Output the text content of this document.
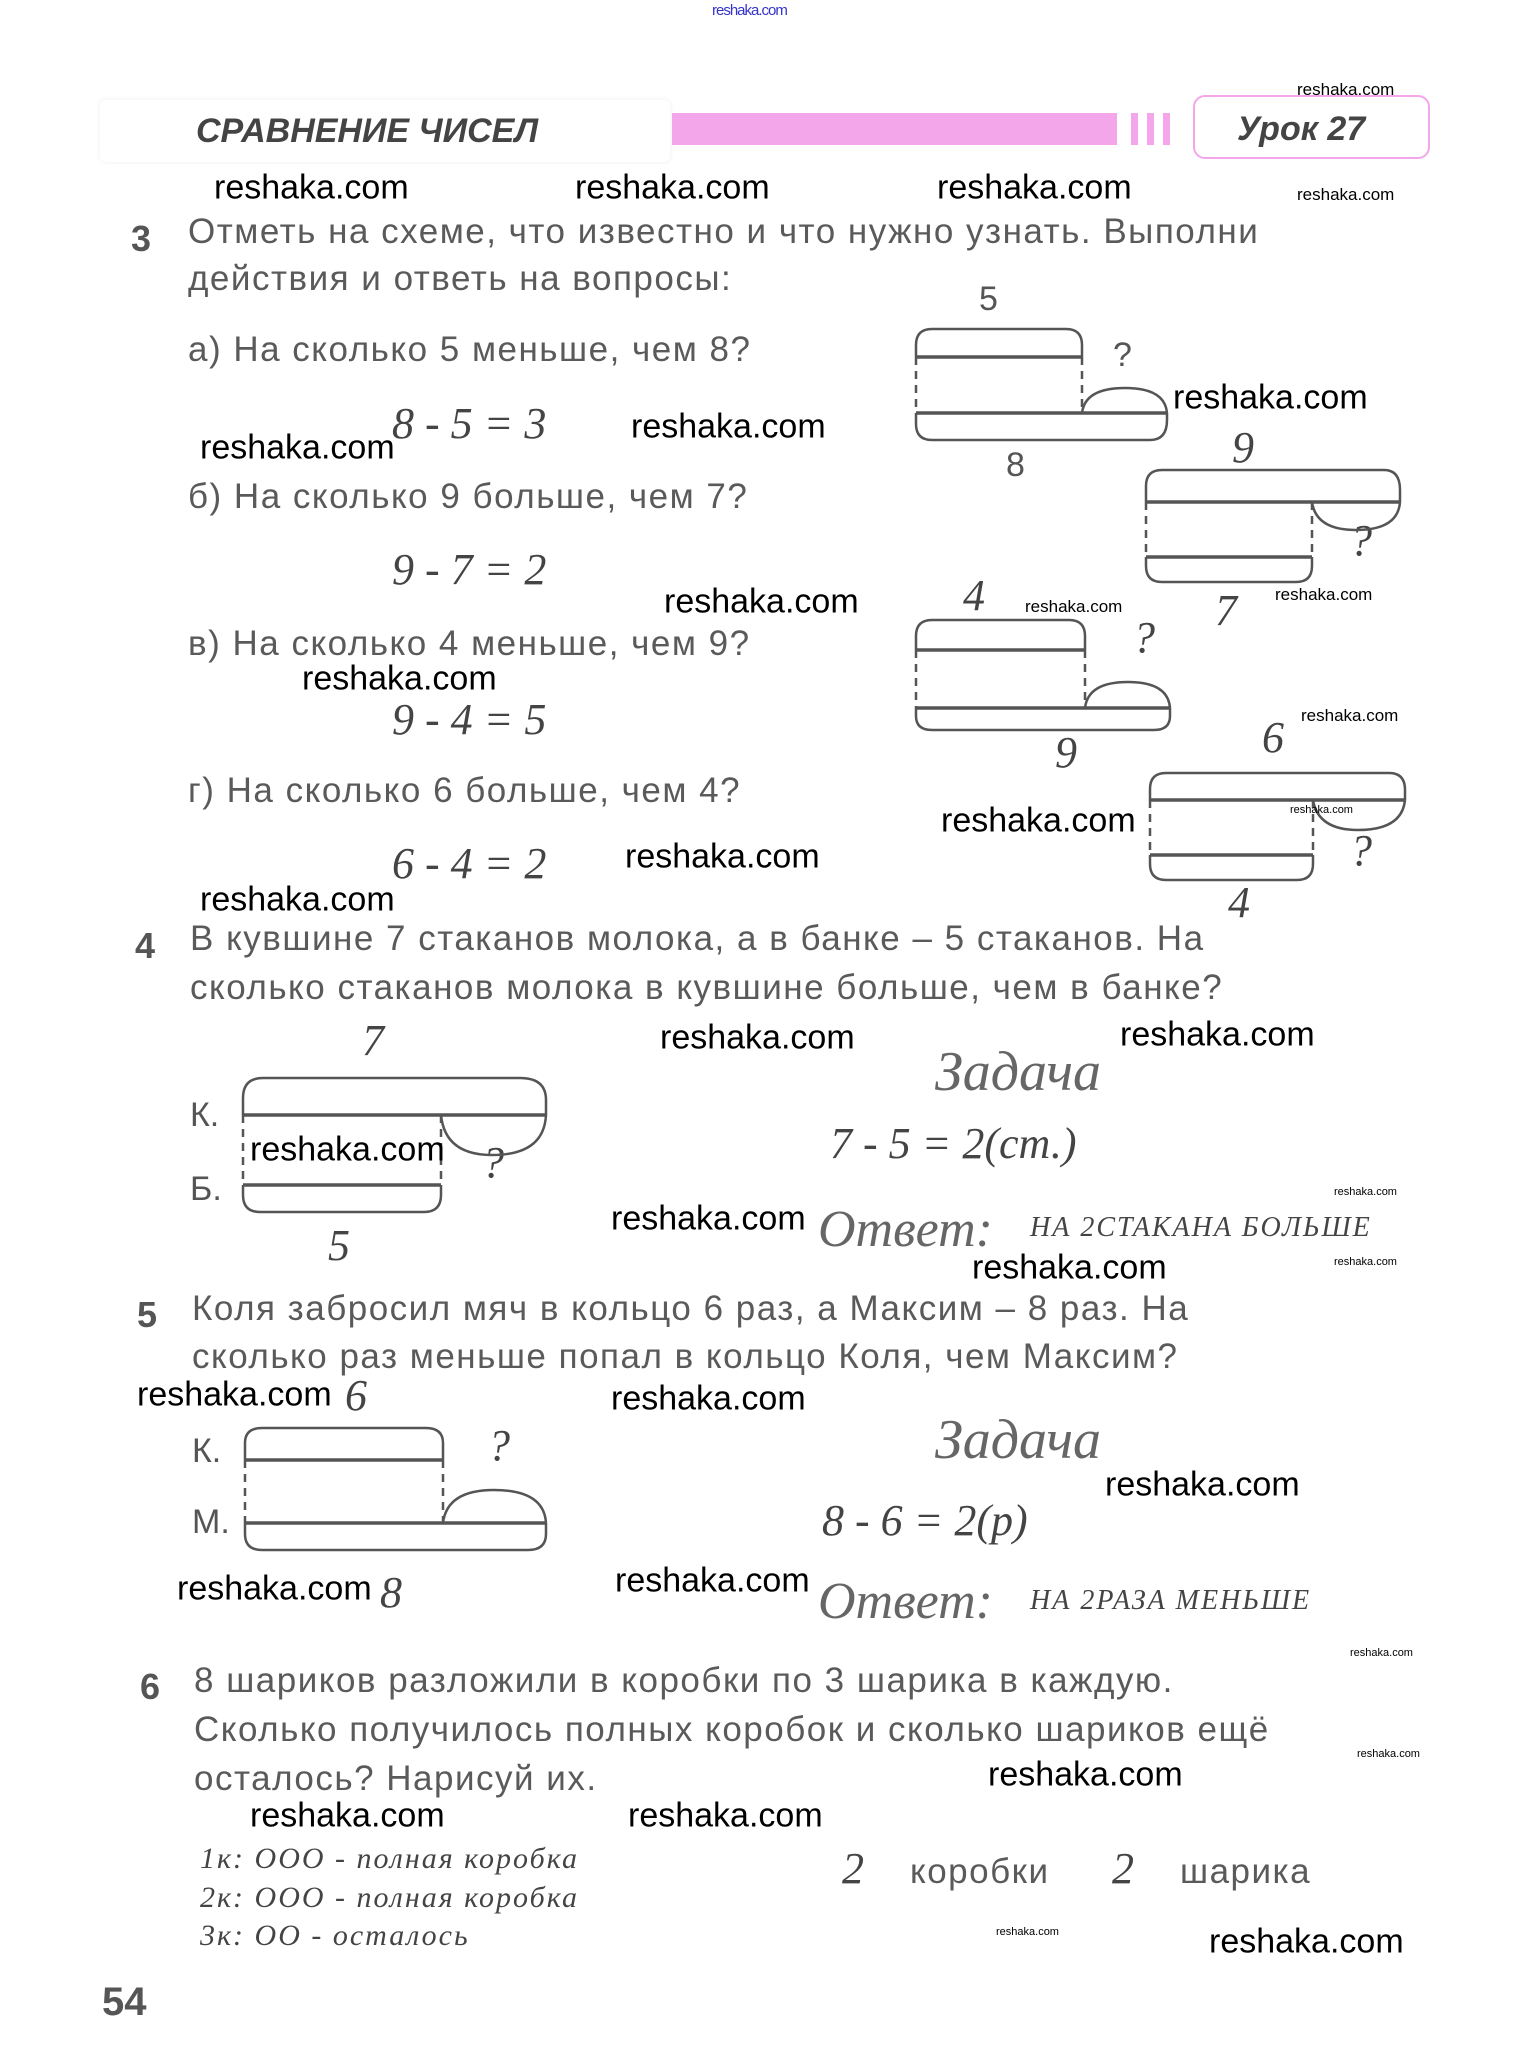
reshaka.com
СРАВНЕНИЕ ЧИСЕЛ	Урок 27
3 Отметь на схеме, что известно и что нужно узнать. Выполни
действия и ответь на вопросы:
а) На сколько 5 меньше, чем 8?
8 - 5 = 3
б) На сколько 9 больше, чем 7?
9 - 7 = 2
в) На сколько 4 меньше, чем 9?
9 - 4 = 5
г) На сколько 6 больше, чем 4?
6 - 4 = 2
5
?
8	9
?
7
4
?
9	6
?
4
4 В кувшине 7 стаканов молока, а в банке – 5 стаканов. На
сколько стаканов молока в кувшине больше, чем в банке?
К.
Б.
7
?
5
Задача
7 - 5 = 2(ст.)
Ответ: НА 2СТАКАНА БОЛЬШЕ
5 Коля забросил мяч в кольцо 6 раз, а Максим – 8 раз. На
сколько раз меньше попал в кольцо Коля, чем Максим?
К.
М.
6
?
8
Задача
8 - 6 = 2(р)
Ответ: НА 2РАЗА МЕНЬШЕ
6 8 шариков разложили в коробки по 3 шарика в каждую.
Сколько получилось полных коробок и сколько шариков ещё
осталось? Нарисуй их.
1к: ООО - полная коробка
2к: ООО - полная коробка
3к: ОО - осталось
2 коробки 2 шарика
54
reshaka.com	reshaka.com	reshaka.com
reshaka.com
reshaka.com
reshaka.com
reshaka.com
reshaka.com
reshaka.com
reshaka.com
reshaka.com
reshaka.com	reshaka.com
reshaka.com
reshaka.com
reshaka.com
reshaka.com	reshaka.com
reshaka.com
reshaka.com	reshaka.com
reshaka.com
reshaka.com	reshaka.com
reshaka.com
reshaka.com
reshaka.com
reshaka.com
reshaka.com
reshaka.com
reshaka.com
reshaka.com
reshaka.com
reshaka.com
reshaka.com
reshaka.com
